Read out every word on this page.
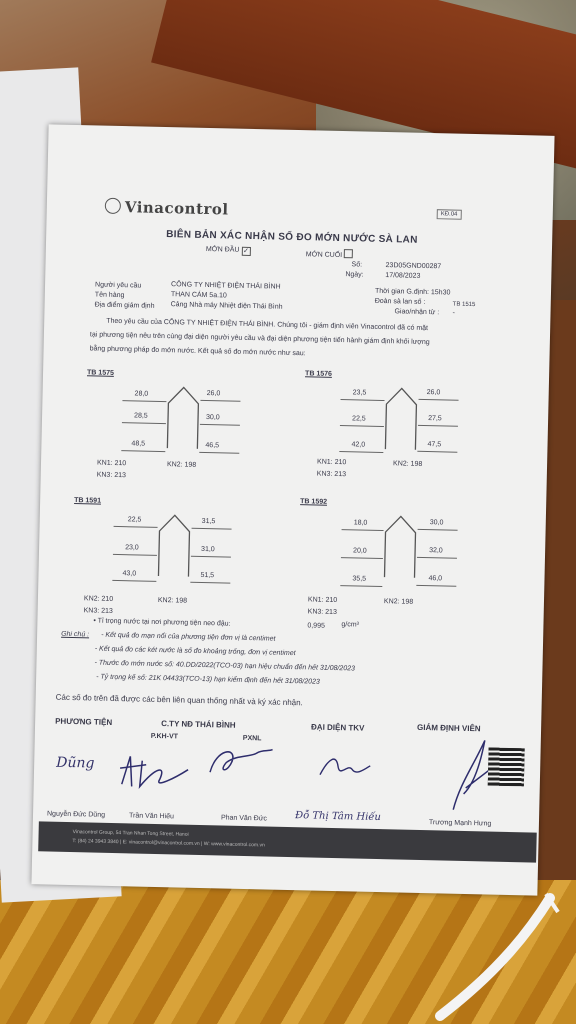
Vinacontrol	KĐ.04
BIÊN BẢN XÁC NHẬN SỐ ĐO MỚN NƯỚC SÀ LAN
MỚN ĐẦU ✓	MỚN CUỐI
Số:	23D05GND00287
Ngày:	17/08/2023
Người yêu cầu	CÔNG TY NHIỆT ĐIỆN THÁI BÌNH
Tên hàng	THAN CÁM 5a.10
Địa điểm giám định Cảng Nhà máy Nhiệt điện Thái Bình
Thời gian G.định: 15h30
Đoàn sà lan số :	TB 1515
Giao/nhận từ : -
Theo yêu cầu của CÔNG TY NHIỆT ĐIỆN THÁI BÌNH. Chúng tôi - giám định viên Vinacontrol đã có mặt
tại phương tiện nêu trên cùng đại diện người yêu cầu và đại diện phương tiện tiến hành giám định khối lượng
bằng phương pháp đo mớn nước. Kết quả số đo mớn nước như sau:
TB 1575
28,0	26,0
28,5	30,0
48,5	46,5
KN1: 210	KN2: 198
KN3: 213
TB 1576
23,5	26,0
22,5	27,5
42,0	47,5
KN1: 210	KN2: 198
KN3: 213
TB 1591
22,5	31,5
23,0	31,0
43,0	51,5
KN2: 210	KN2: 198
KN3: 213
TB 1592
18,0	30,0
20,0	32,0
35,5	46,0
KN1: 210	KN2: 198
KN3: 213
• Tỉ trọng nước tại nơi phương tiện neo đậu:	0,995 g/cm³
Ghi chú : - Kết quả đo mạn nổi của phương tiện đơn vị là centimet
- Kết quả đo các két nước là số đo khoảng trống, đơn vị centimet
- Thước đo mớn nước số: 40.DD/2022(TCO-03) hạn hiệu chuẩn đến hết 31/08/2023
- Tỷ trọng kế số: 21K 04433(TCO-13) hạn kiểm định đến hết 31/08/2023
Các số đo trên đã được các bên liên quan thống nhất và ký xác nhận.
PHƯƠNG TIỆN	C.TY NĐ THÁI BÌNH
P.KH-VT	PXNL
ĐẠI DIỆN TKV	GIÁM ĐỊNH VIÊN
Dũng
Nguyễn Đức Dũng	Trần Văn Hiếu	Phan Văn Đức	Đỗ Thị Tâm Hiếu
Trương Mạnh Hưng
Vinacontrol Group, 54 Tran Nhan Tong Street, Hanoi
T: (84) 24 3943 3840 | E: vinacontrol@vinacontrol.com.vn | W: www.vinacontrol.com.vn
